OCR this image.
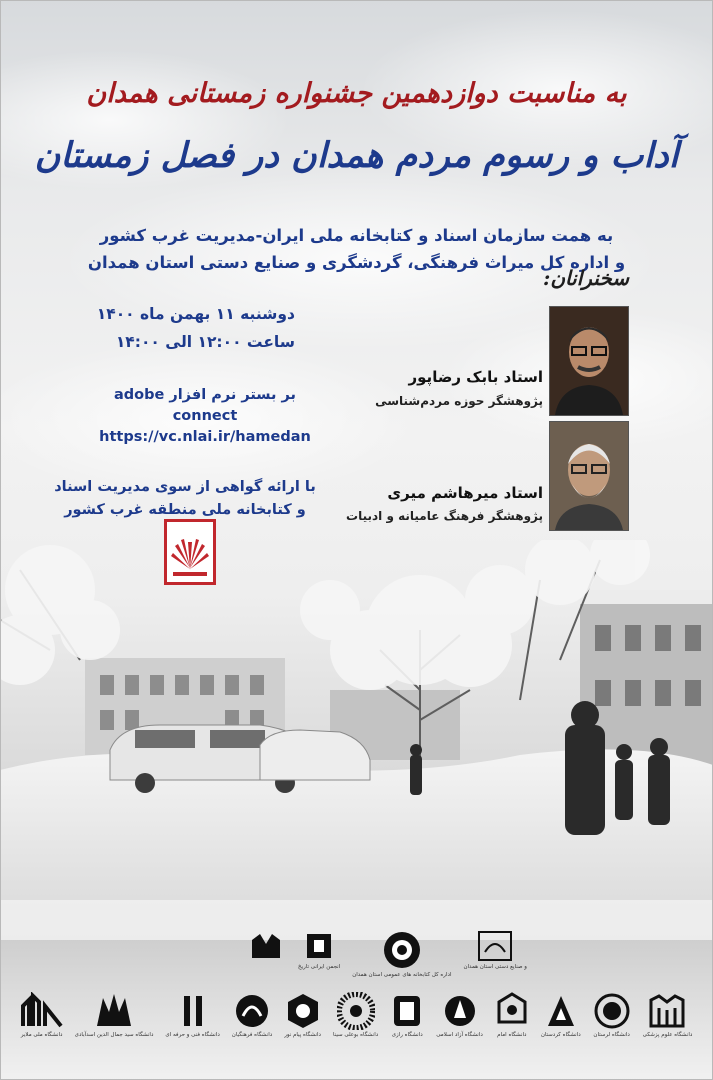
به مناسبت دوازدهمین جشنواره زمستانی همدان
آداب و رسوم مردم همدان در فصل زمستان
به همت سازمان اسناد و کتابخانه ملی ایران-مدیریت غرب کشور
و اداره کل میراث فرهنگی، گردشگری و صنایع دستی استان همدان
سخنرانان:
دوشنبه ۱۱ بهمن ماه ۱۴۰۰
ساعت ۱۲:۰۰ الی ۱۴:۰۰
بر بستر نرم افزار adobe connect
https://vc.nlai.ir/hamedan
با ارائه گواهی از سوی مدیریت اسناد
و کتابخانه ملی منطقه غرب کشور
استاد بابک رضاپور
پژوهشگر حوزه مردم‌شناسی
استاد میرهاشم میری
پژوهشگر فرهنگ عامیانه و ادبیات
انجمن ایرانی تاریخ
اداره کل کتابخانه های عمومی استان همدان
و صنایع دستی استان همدان
دانشگاه ملی ملایر دانشگاه سید جمال الدین اسدآبادی دانشگاه فنی و حرفه ای دانشگاه فرهنگیان دانشگاه پیام نور دانشگاه بوعلی سینا دانشگاه رازی دانشگاه آزاد اسلامی	دانشگاه امام	دانشگاه کردستان دانشگاه لرستان دانشگاه علوم پزشکی
